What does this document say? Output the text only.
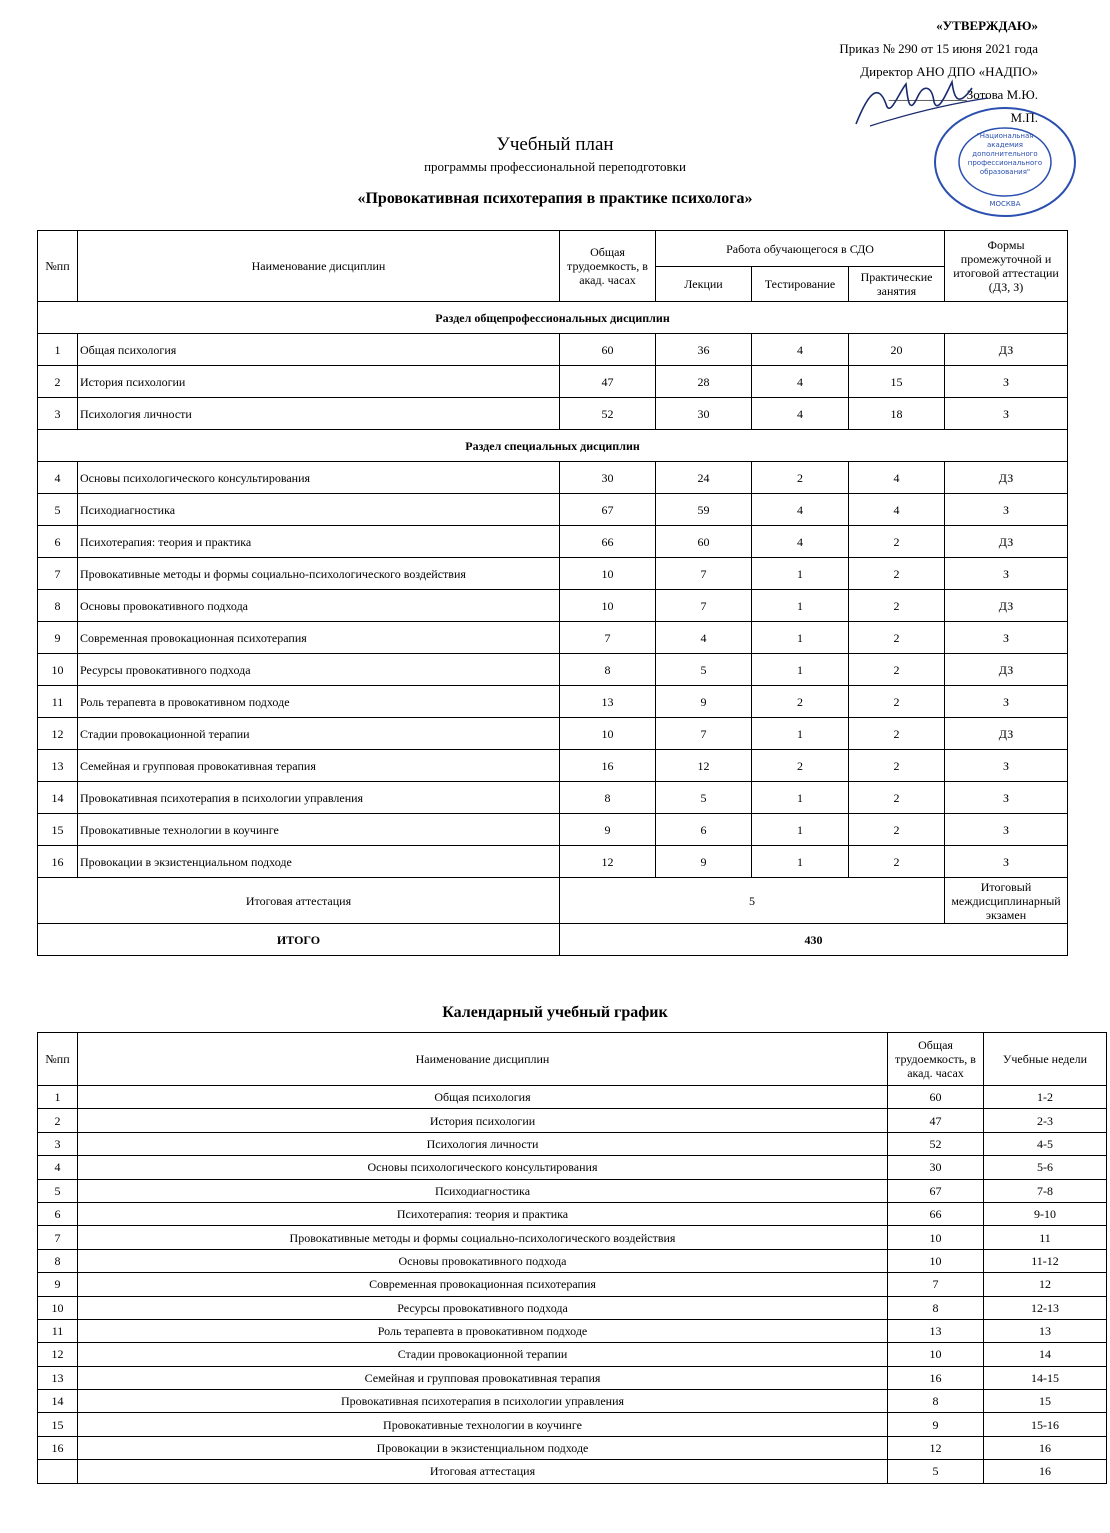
«УТВЕРЖДАЮ»
Приказ № 290 от 15 июня 2021 года
Директор АНО ДПО «НАДПО»
____________Зотова М.Ю.
М.П.
"Национальная
академия
дополнительного
профессионального
образования"
МОСКВА
Учебный план
программы профессиональной переподготовки
«Провокативная психотерапия в практике психолога»
№пп	Наименование дисциплин	Общая трудоемкость, в акад. часах	Работа обучающегося в СДО			Формы промежуточной и итоговой аттестации (ДЗ, З)
			Лекции	Тестирование	Практические занятия	
Раздел общепрофессиональных дисциплин						
1	Общая психология	60	36	4	20	ДЗ
2	История психологии	47	28	4	15	З
3	Психология личности	52	30	4	18	З
Раздел специальных дисциплин						
4	Основы психологического консультирования	30	24	2	4	ДЗ
5	Психодиагностика	67	59	4	4	З
6	Психотерапия: теория и практика	66	60	4	2	ДЗ
7	Провокативные методы и формы социально-психологического воздействия	10	7	1	2	З
8	Основы провокативного подхода	10	7	1	2	ДЗ
9	Современная провокационная психотерапия	7	4	1	2	З
10	Ресурсы провокативного подхода	8	5	1	2	ДЗ
11	Роль терапевта в провокативном подходе	13	9	2	2	З
12	Стадии провокационной терапии	10	7	1	2	ДЗ
13	Семейная и групповая провокативная терапия	16	12	2	2	З
14	Провокативная психотерапия в психологии управления	8	5	1	2	З
15	Провокативные технологии в коучинге	9	6	1	2	З
16	Провокации в экзистенциальном подходе	12	9	1	2	З
Итоговая аттестация		5				Итоговый междисциплинарный экзамен
ИТОГО		430				
Календарный учебный график
№пп	Наименование дисциплин	Общая трудоемкость, в акад. часах	Учебные недели
1	Общая психология	60	1-2
2	История психологии	47	2-3
3	Психология личности	52	4-5
4	Основы психологического консультирования	30	5-6
5	Психодиагностика	67	7-8
6	Психотерапия: теория и практика	66	9-10
7	Провокативные методы и формы социально-психологического воздействия	10	11
8	Основы провокативного подхода	10	11-12
9	Современная провокационная психотерапия	7	12
10	Ресурсы провокативного подхода	8	12-13
11	Роль терапевта в провокативном подходе	13	13
12	Стадии провокационной терапии	10	14
13	Семейная и групповая провокативная терапия	16	14-15
14	Провокативная психотерапия в психологии управления	8	15
15	Провокативные технологии в коучинге	9	15-16
16	Провокации в экзистенциальном подходе	12	16
	Итоговая аттестация	5	16
